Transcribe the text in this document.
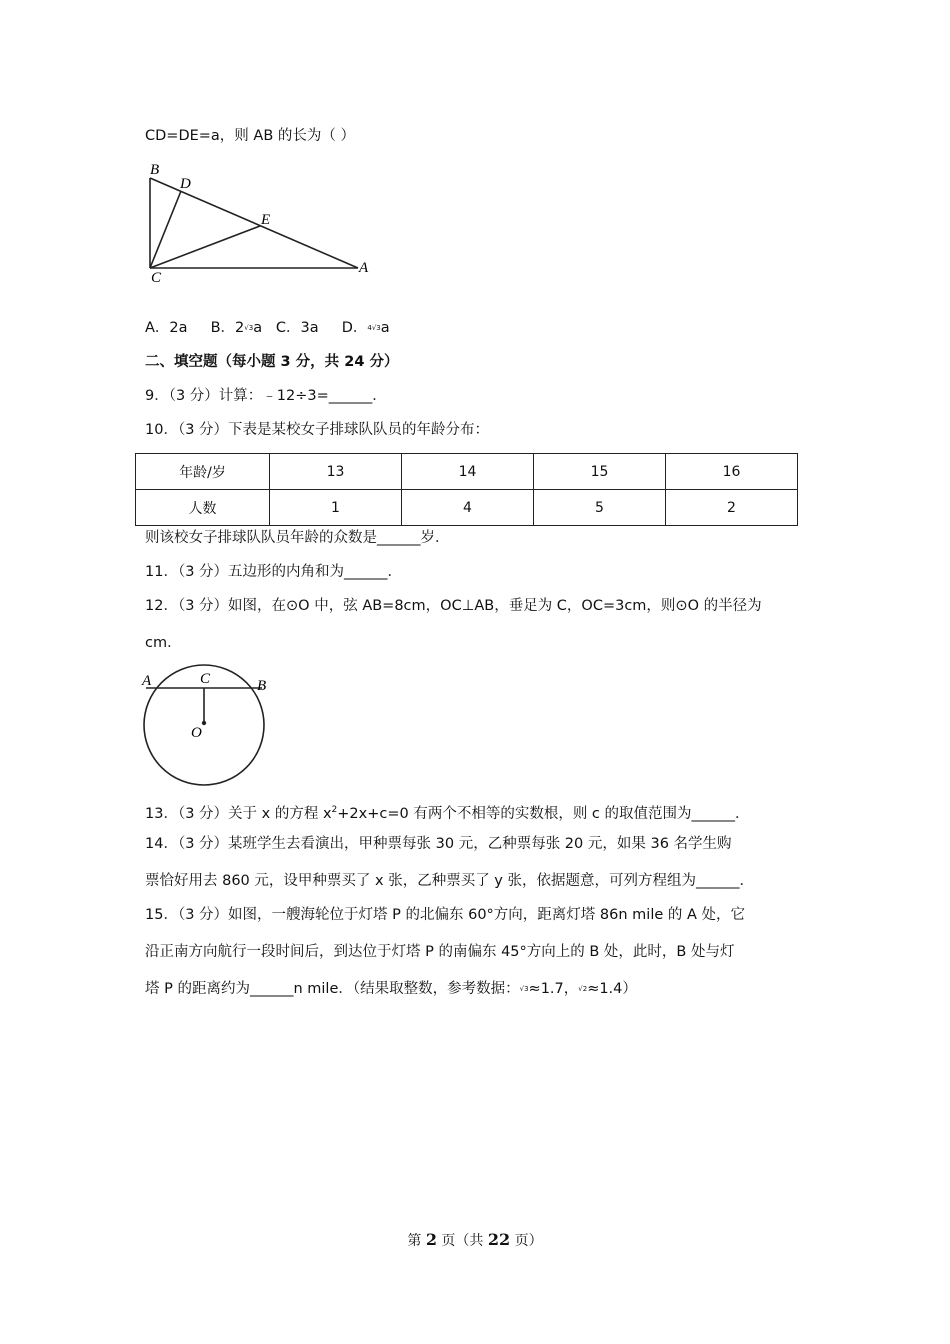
CD=DE=a，则 AB 的长为（ ）
B
D
E
C
A
A．2a B．2√3a C．3a D．4√3a
二、填空题（每小题 3 分，共 24 分）
9．（3 分）计算：﹣12÷3=______．
10．（3 分）下表是某校女子排球队队员的年龄分布：
年龄/岁	13	14	15	16
人数	1	4	5	2
则该校女子排球队队员年龄的众数是______岁．
11．（3 分）五边形的内角和为______．
12．（3 分）如图，在⊙O 中，弦 AB=8cm，OC⊥AB，垂足为 C，OC=3cm，则⊙O 的半径为
cm．
A	C	B
O
13．（3 分）关于 x 的方程 $x^2+2x+c=0$ 有两个不相等的实数根，则 c 的取值范围为______．
14．（3 分）某班学生去看演出，甲种票每张 30 元，乙种票每张 20 元，如果 36 名学生购
票恰好用去 860 元，设甲种票买了 x 张，乙种票买了 y 张，依据题意，可列方程组为______．
15．（3 分）如图，一艘海轮位于灯塔 P 的北偏东 60°方向，距离灯塔 86n mile 的 A 处，它
沿正南方向航行一段时间后，到达位于灯塔 P 的南偏东 45°方向上的 B 处，此时，B 处与灯
塔 P 的距离约为______n mile．（结果取整数，参考数据：√3≈1.7，√2≈1.4）
第 2 页（共 22 页）
